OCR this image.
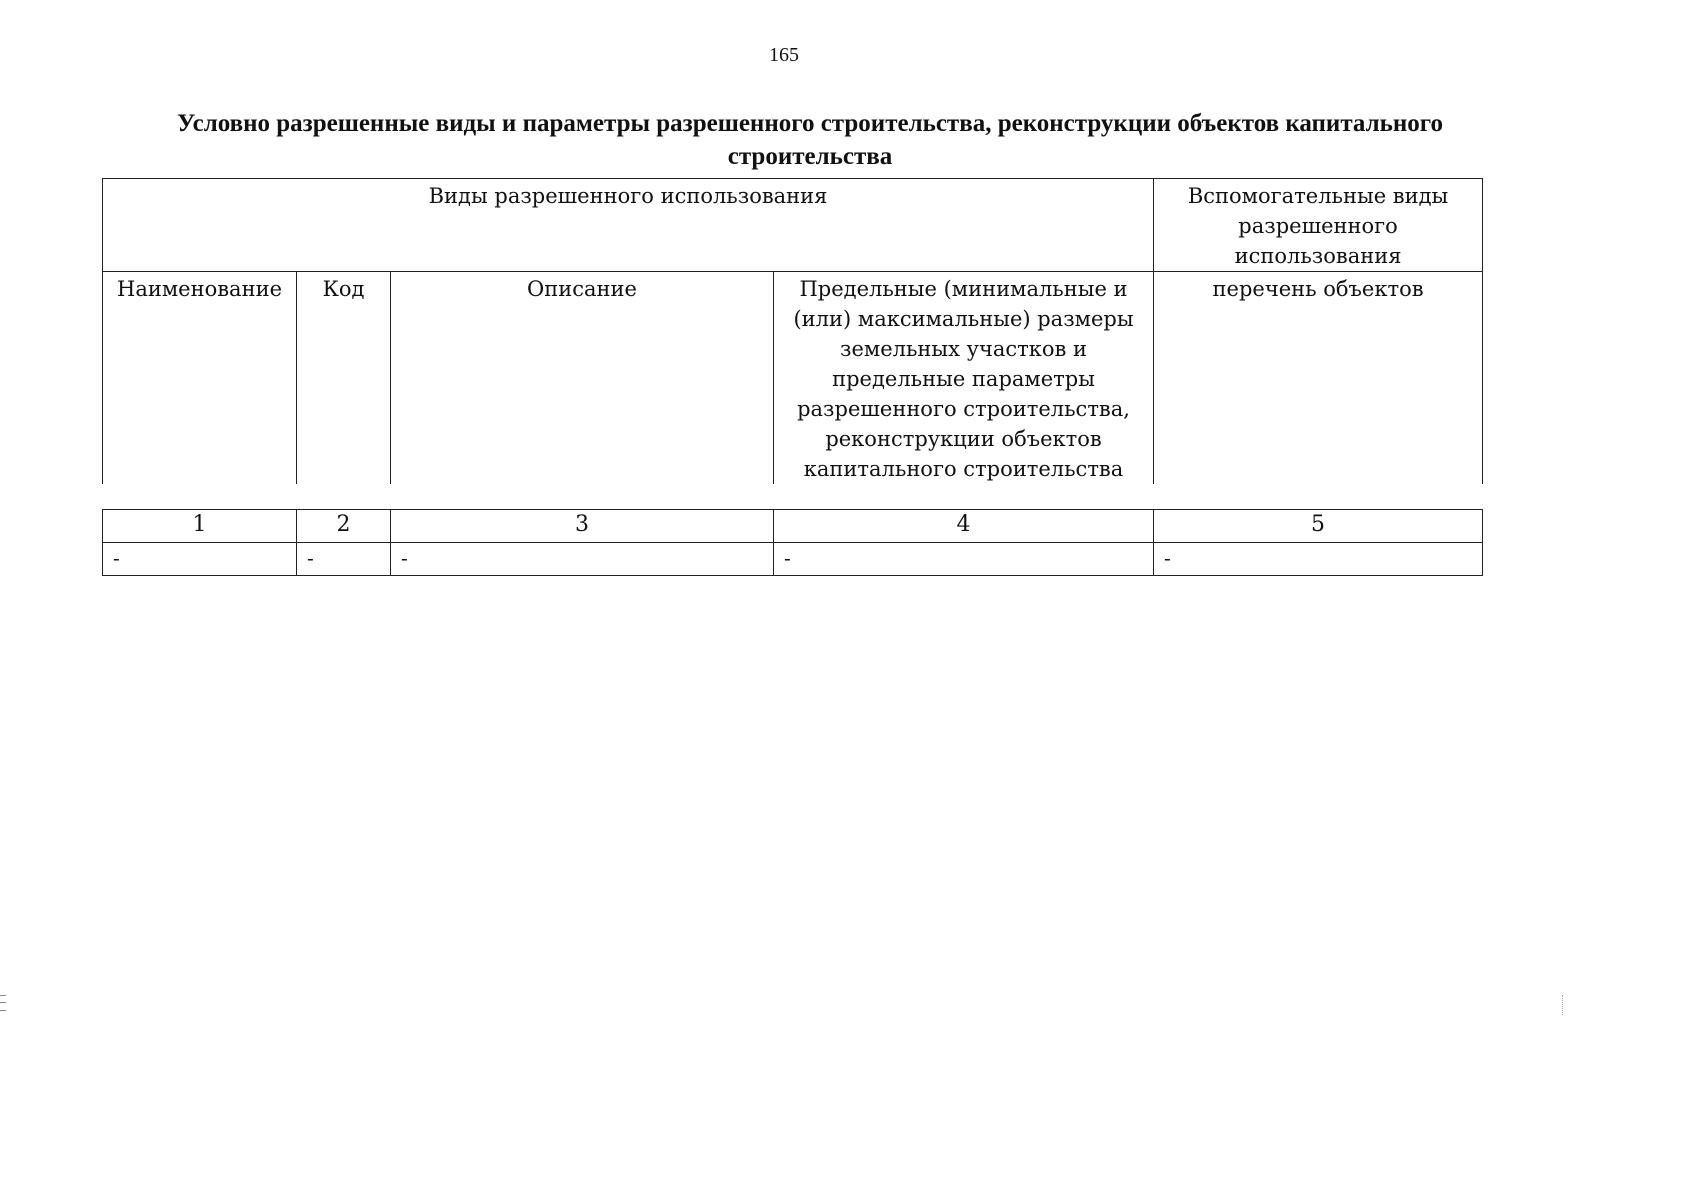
165
Условно разрешенные виды и параметры разрешенного строительства, реконструкции объектов капитального строительства
Виды разрешенного использования				Вспомогательные виды разрешенного использования

Наименование	Код	Описание	Предельные (минимальные и (или) максимальные) размеры земельных участков и предельные параметры разрешенного строительства, реконструкции объектов капитального строительства	перечень объектов
1	2	3	4	5
-	-	-	-	-
